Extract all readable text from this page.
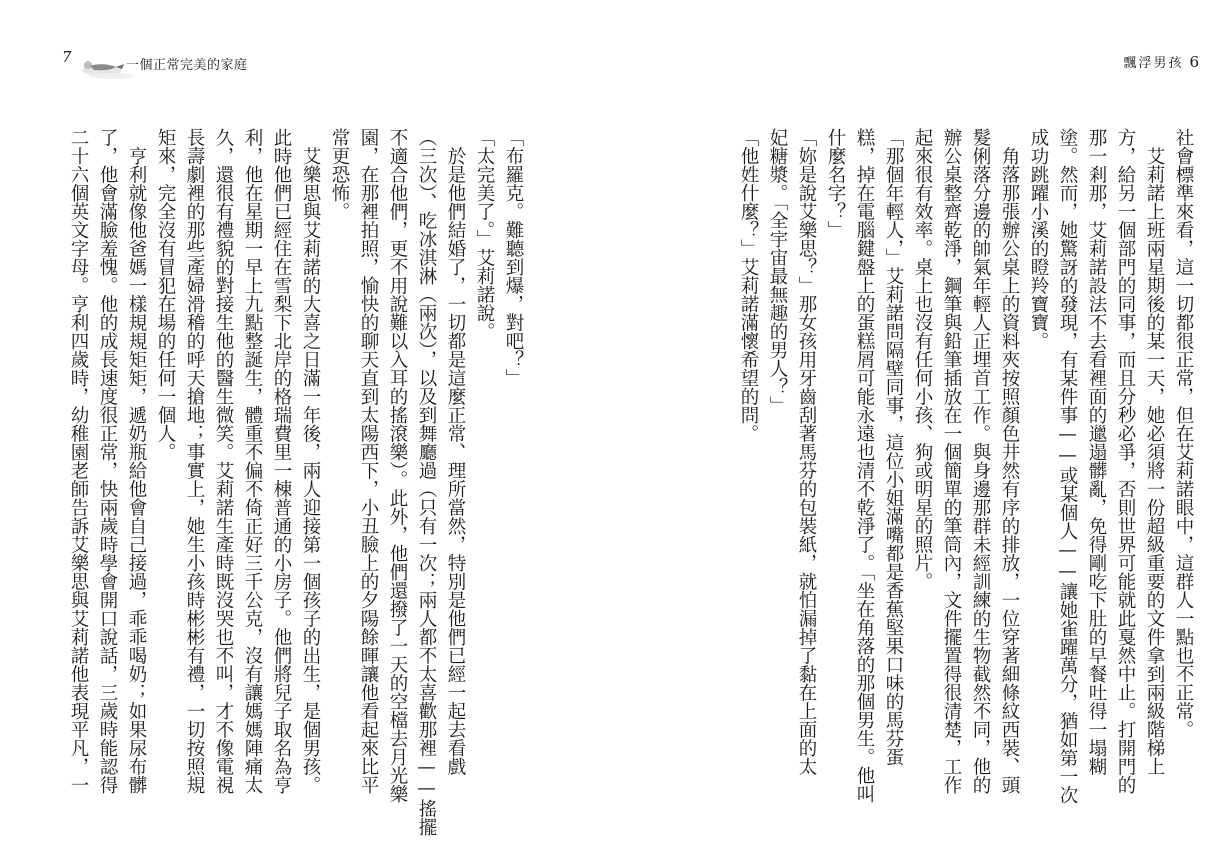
7	一個正常完美的家庭	飄浮男孩 6

社會標準來看，這一切都很正常，但在艾莉諾眼中，這群人一點也不正常。

　艾莉諾上班兩星期後的某一天，她必須將一份超級重要的文件拿到兩級階梯上

方，給另一個部門的同事，而且分秒必爭，否則世界可能就此戛然中止。打開門的

那一剎那，艾莉諾設法不去看裡面的邋遢髒亂，免得剛吃下肚的早餐吐得一塌糊

塗。然而，她驚訝的發現，有某件事——或某個人——讓她雀躍萬分，猶如第一次

成功跳躍小溪的瞪羚寶寶。

　角落那張辦公桌上的資料夾按照顏色井然有序的排放，一位穿著細條紋西裝、頭

髮俐落分邊的帥氣年輕人正埋首工作。與身邊那群未經訓練的生物截然不同，他的

辦公桌整齊乾淨，鋼筆與鉛筆插放在一個簡單的筆筒內，文件擺置得很清楚，工作

起來很有效率。桌上也沒有任何小孩、狗或明星的照片。

「那個年輕人，」艾莉諾問隔壁同事，這位小姐滿嘴都是香蕉堅果口味的馬芬蛋

糕，掉在電腦鍵盤上的蛋糕屑可能永遠也清不乾淨了。「坐在角落的那個男生。他叫

什麼名字？」

「妳是說艾樂思？」那女孩用牙齒刮著馬芬的包裝紙，就怕漏掉了黏在上面的太

妃糖漿。「全宇宙最無趣的男人？」

「他姓什麼？」艾莉諾滿懷希望的問。

「布羅克。難聽到爆，對吧？」

「太完美了。」艾莉諾說。

　於是他們結婚了，一切都是這麼正常、理所當然，特別是他們已經一起去看戲

（三次）、吃冰淇淋（兩次），以及到舞廳過（只有一次；兩人都不太喜歡那裡——搖擺

不適合他們，更不用說難以入耳的搖滾樂）。此外，他們還撥了一天的空檔去月光樂

園，在那裡拍照，愉快的聊天直到太陽西下，小丑臉上的夕陽餘暉讓他看起來比平

常更恐怖。

　艾樂思與艾莉諾的大喜之日滿一年後，兩人迎接第一個孩子的出生，是個男孩。

此時他們已經住在雪梨下北岸的格瑞費里一棟普通的小房子。他們將兒子取名為亨

利，他在星期一早上九點整誕生，體重不偏不倚正好三千公克，沒有讓媽媽陣痛太

久，還很有禮貌的對接生他的醫生微笑。艾莉諾生產時既沒哭也不叫，才不像電視

長壽劇裡的那些產婦滑稽的呼天搶地；事實上，她生小孩時彬彬有禮，一切按照規

矩來，完全沒有冒犯在場的任何一個人。

　亨利就像他爸媽一樣規規矩矩，遞奶瓶給他會自己接過，乖乖喝奶；如果尿布髒

了，他會滿臉羞愧。他的成長速度很正常，快兩歲時學會開口說話，三歲時能認得

二十六個英文字母。亨利四歲時，幼稚園老師告訴艾樂思與艾莉諾他表現平凡，一
